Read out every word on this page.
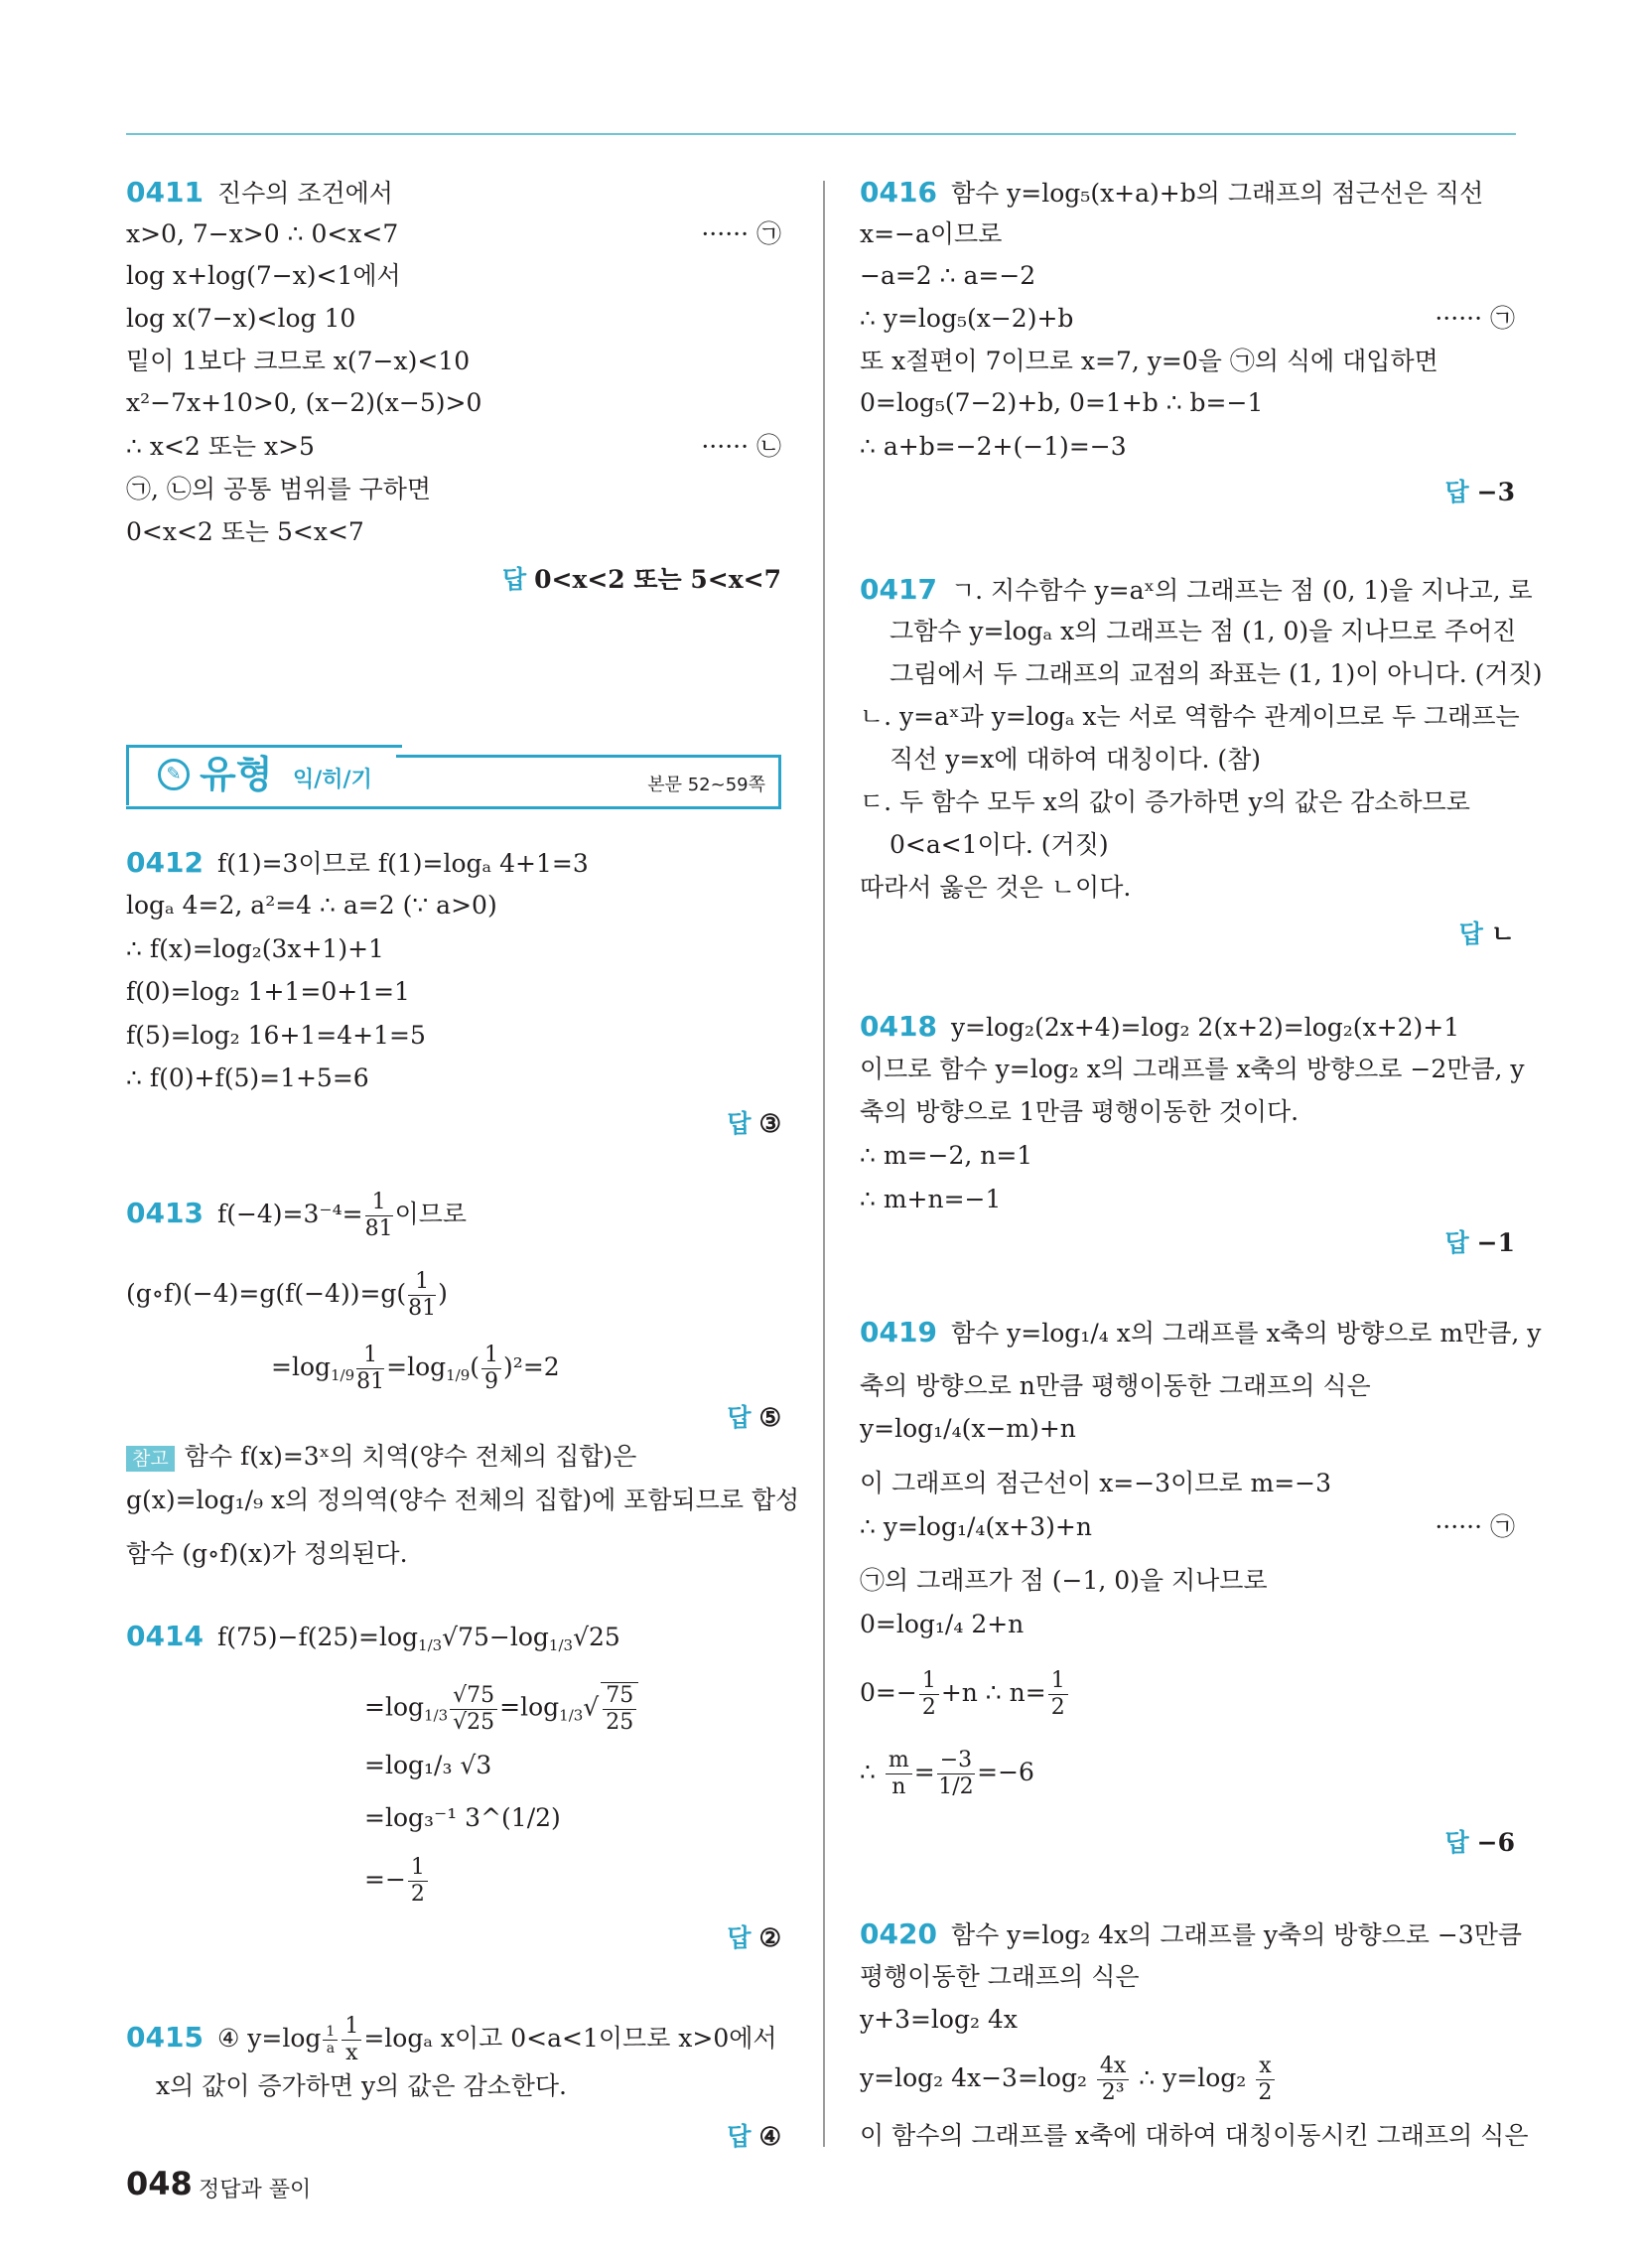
0411 진수의 조건에서
x>0, 7−x>0 ∴ 0<x<7	······ ㉠
log x+log(7−x)<1에서
log x(7−x)<log 10
밑이 1보다 크므로 x(7−x)<10
x²−7x+10>0, (x−2)(x−5)>0
∴ x<2 또는 x>5	······ ㉡
㉠, ㉡의 공통 범위를 구하면
0<x<2 또는 5<x<7
답 0<x<2 또는 5<x<7
✎ 유형 익/히/기	본문 52~59쪽
0412 f(1)=3이므로 f(1)=logₐ 4+1=3
logₐ 4=2, a²=4 ∴ a=2 (∵ a>0)
∴ f(x)=log₂(3x+1)+1
f(0)=log₂ 1+1=0+1=1
f(5)=log₂ 16+1=4+1=5
∴ f(0)+f(5)=1+5=6
답 ③
0413 $f(-4)=3^{-4}= \frac{1}{81}$ 이므로
(g∘f)(−4)=g(f(−4))=g( $\frac{1}{81}$ )
$=\log_{1/9} \frac{1}{81} =\log_{1/9}( \frac{1}{9} )^2=2$
답 ⑤
참고 함수 f(x)=3ˣ의 치역(양수 전체의 집합)은
g(x)=log₁/₉ x의 정의역(양수 전체의 집합)에 포함되므로 합성
함수 (g∘f)(x)가 정의된다.
0414 $f(75)-f(25)=\log_{1/3}√75-\log_{1/3}√25$
$=\log_{1/3} \frac{√75}{√25} =\log_{1/3}√ \frac{75}{25}$
=log₁/₃ √3
=log₃⁻¹ 3^(1/2)
=− $\frac{1}{2}$
답 ②
0415 ④ $y=\log \frac{1}{a} \frac{1}{x} =\log_a$ x이고 0<a<1이므로 x>0에서
x의 값이 증가하면 y의 값은 감소한다.
답 ④
0416 함수 y=log₅(x+a)+b의 그래프의 점근선은 직선
x=−a이므로
−a=2 ∴ a=−2
∴ y=log₅(x−2)+b	······ ㉠
또 x절편이 7이므로 x=7, y=0을 ㉠의 식에 대입하면
0=log₅(7−2)+b, 0=1+b ∴ b=−1
∴ a+b=−2+(−1)=−3
답 −3
0417 ㄱ. 지수함수 y=aˣ의 그래프는 점 (0, 1)을 지나고, 로
그함수 y=logₐ x의 그래프는 점 (1, 0)을 지나므로 주어진
그림에서 두 그래프의 교점의 좌표는 (1, 1)이 아니다. (거짓)
ㄴ. y=aˣ과 y=logₐ x는 서로 역함수 관계이므로 두 그래프는
직선 y=x에 대하여 대칭이다. (참)
ㄷ. 두 함수 모두 x의 값이 증가하면 y의 값은 감소하므로
0<a<1이다. (거짓)
따라서 옳은 것은 ㄴ이다.
답 ㄴ
0418 y=log₂(2x+4)=log₂ 2(x+2)=log₂(x+2)+1
이므로 함수 y=log₂ x의 그래프를 x축의 방향으로 −2만큼, y
축의 방향으로 1만큼 평행이동한 것이다.
∴ m=−2, n=1
∴ m+n=−1
답 −1
0419 함수 y=log₁/₄ x의 그래프를 x축의 방향으로 m만큼, y
축의 방향으로 n만큼 평행이동한 그래프의 식은
y=log₁/₄(x−m)+n
이 그래프의 점근선이 x=−3이므로 m=−3
∴ y=log₁/₄(x+3)+n	······ ㉠
㉠의 그래프가 점 (−1, 0)을 지나므로
0=log₁/₄ 2+n
$0=- \frac{1}{2} +n$ ∴ $n= \frac{1}{2}$
∴ $\frac{m}{n} = \frac{-3}{1/2} =-6$
답 −6
0420 함수 y=log₂ 4x의 그래프를 y축의 방향으로 −3만큼
평행이동한 그래프의 식은
y+3=log₂ 4x
y=log₂ $4x-3=\log_2 \frac{4x}{\text{2³}}$ ∴ $y=\log_2 \frac{x}{2}$
이 함수의 그래프를 x축에 대하여 대칭이동시킨 그래프의 식은
048 정답과 풀이
